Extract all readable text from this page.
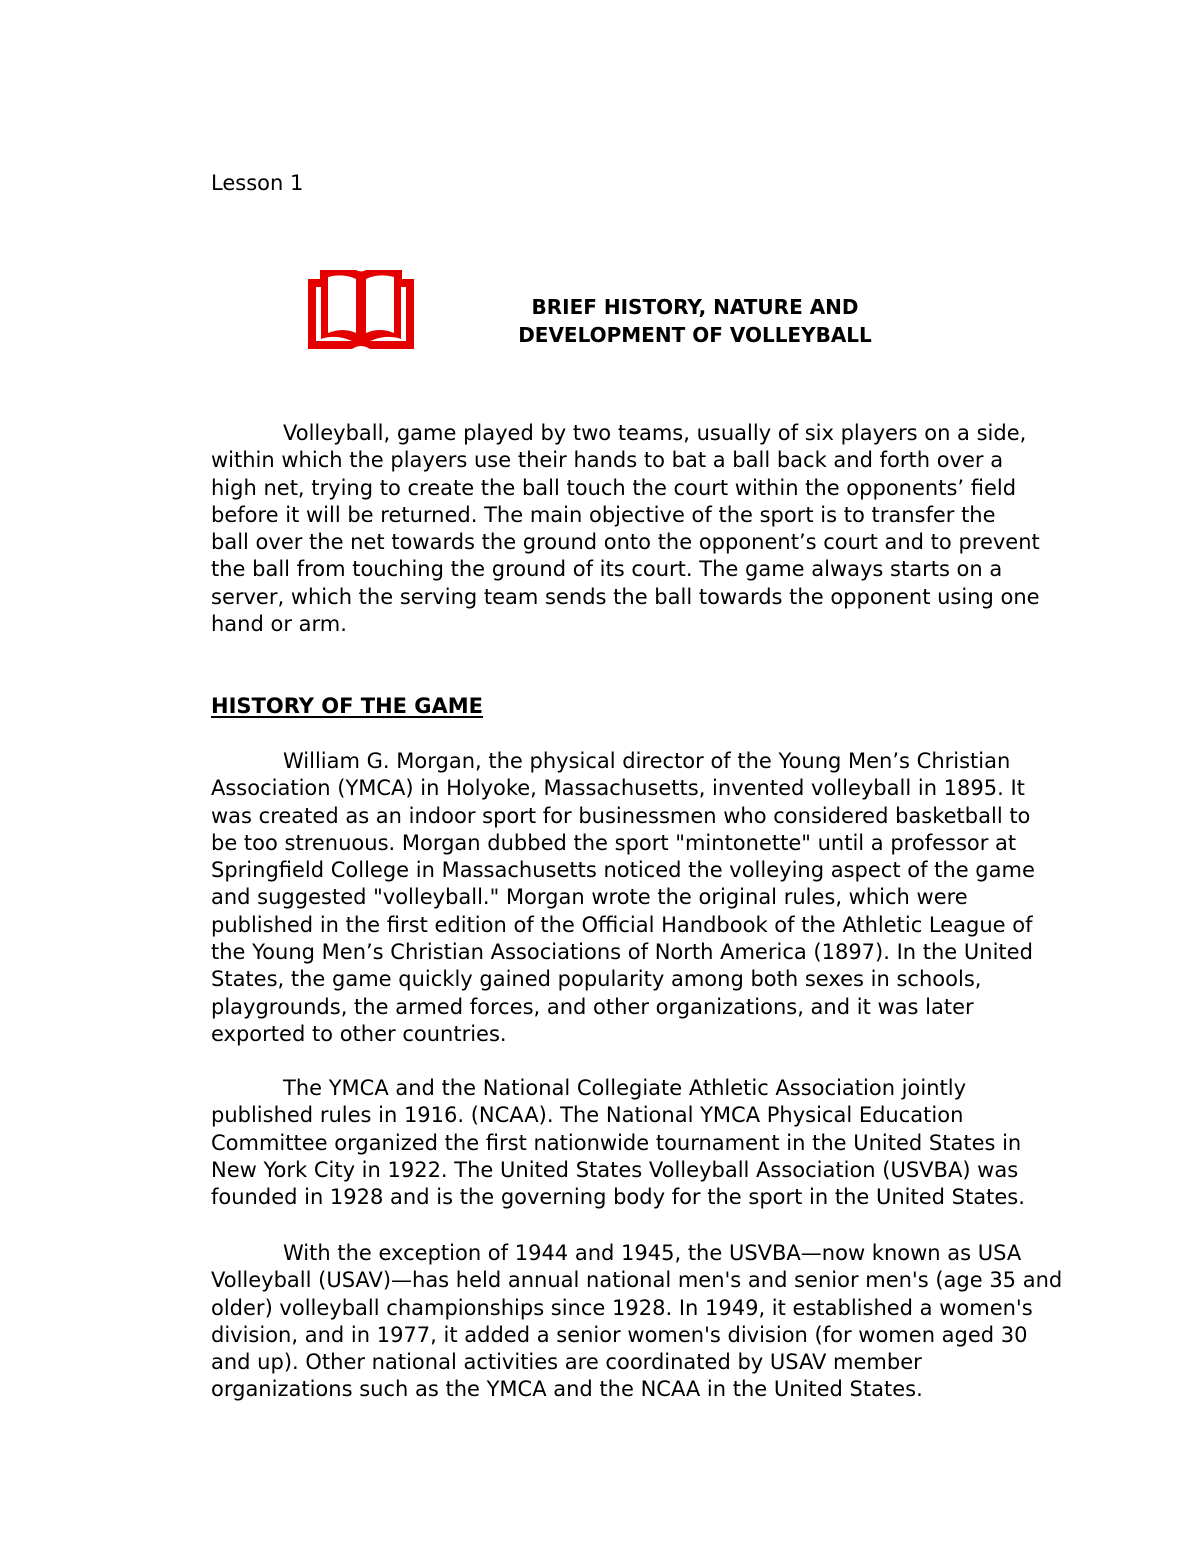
Lesson 1
BRIEF HISTORY, NATURE AND
DEVELOPMENT OF VOLLEYBALL
Volleyball, game played by two teams, usually of six players on a side,
within which the players use their hands to bat a ball back and forth over a
high net, trying to create the ball touch the court within the opponents’ field
before it will be returned. The main objective of the sport is to transfer the
ball over the net towards the ground onto the opponent’s court and to prevent
the ball from touching the ground of its court. The game always starts on a
server, which the serving team sends the ball towards the opponent using one
hand or arm.
HISTORY OF THE GAME
William G. Morgan, the physical director of the Young Men’s Christian
Association (YMCA) in Holyoke, Massachusetts, invented volleyball in 1895. It
was created as an indoor sport for businessmen who considered basketball to
be too strenuous. Morgan dubbed the sport "mintonette" until a professor at
Springfield College in Massachusetts noticed the volleying aspect of the game
and suggested "volleyball." Morgan wrote the original rules, which were
published in the first edition of the Official Handbook of the Athletic League of
the Young Men’s Christian Associations of North America (1897). In the United
States, the game quickly gained popularity among both sexes in schools,
playgrounds, the armed forces, and other organizations, and it was later
exported to other countries.
The YMCA and the National Collegiate Athletic Association jointly
published rules in 1916. (NCAA). The National YMCA Physical Education
Committee organized the first nationwide tournament in the United States in
New York City in 1922. The United States Volleyball Association (USVBA) was
founded in 1928 and is the governing body for the sport in the United States.
With the exception of 1944 and 1945, the USVBA—now known as USA
Volleyball (USAV)—has held annual national men's and senior men's (age 35 and
older) volleyball championships since 1928. In 1949, it established a women's
division, and in 1977, it added a senior women's division (for women aged 30
and up). Other national activities are coordinated by USAV member
organizations such as the YMCA and the NCAA in the United States.
